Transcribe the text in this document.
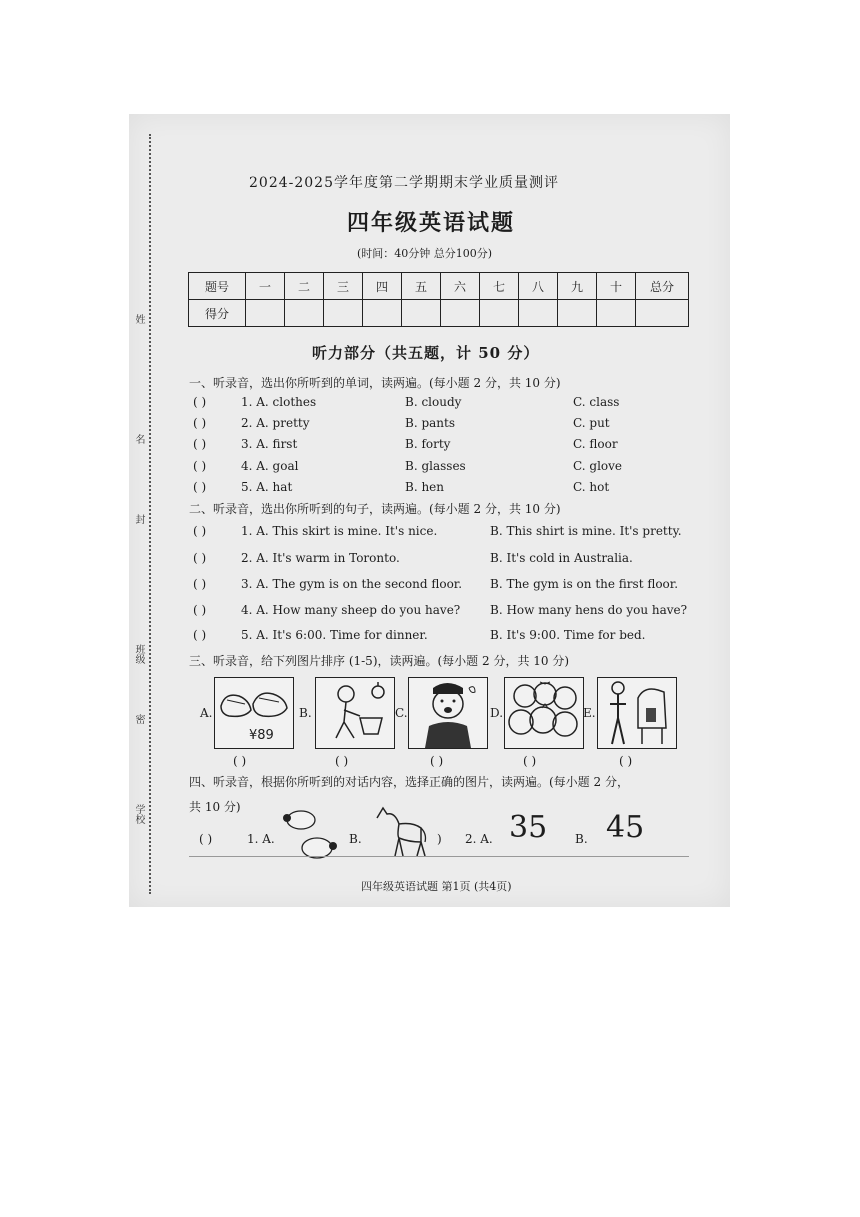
姓
名
封
班级
密
学校
2024-2025学年度第二学期期末学业质量测评
四年级英语试题
(时间：40分钟 总分100分)
题号	一	二	三	四	五	六	七	八	九	十	总分
得分											
听力部分（共五题，计 50 分）
一、听录音，选出你所听到的单词，读两遍。(每小题 2 分，共 10 分)
( )	1. A. clothes	B. cloudy	C. class
( )	2. A. pretty	B. pants	C. put
( )	3. A. first	B. forty	C. floor
( )	4. A. goal	B. glasses	C. glove
( )	5. A. hat	B. hen	C. hot
二、听录音，选出你所听到的句子，读两遍。(每小题 2 分，共 10 分)
( )	1. A. This skirt is mine. It's nice.	B. This shirt is mine. It's pretty.
( )	2. A. It's warm in Toronto.	B. It's cold in Australia.
( )	3. A. The gym is on the second floor. B. The gym is on the first floor.
( )	4. A. How many sheep do you have? B. How many hens do you have?
( )	5. A. It's 6:00. Time for dinner.	B. It's 9:00. Time for bed.
三、听录音，给下列图片排序 (1-5)，读两遍。(每小题 2 分，共 10 分)
A.
¥89
( )
B.
( )
C.
( )
D.
( )
E.
( )
四、听录音，根据你所听到的对话内容，选择正确的图片，读两遍。(每小题 2 分，
共 10 分)
( )	1. A.	B.	) 2. A. 35 B. 45
四年级英语试题 第1页 (共4页)
